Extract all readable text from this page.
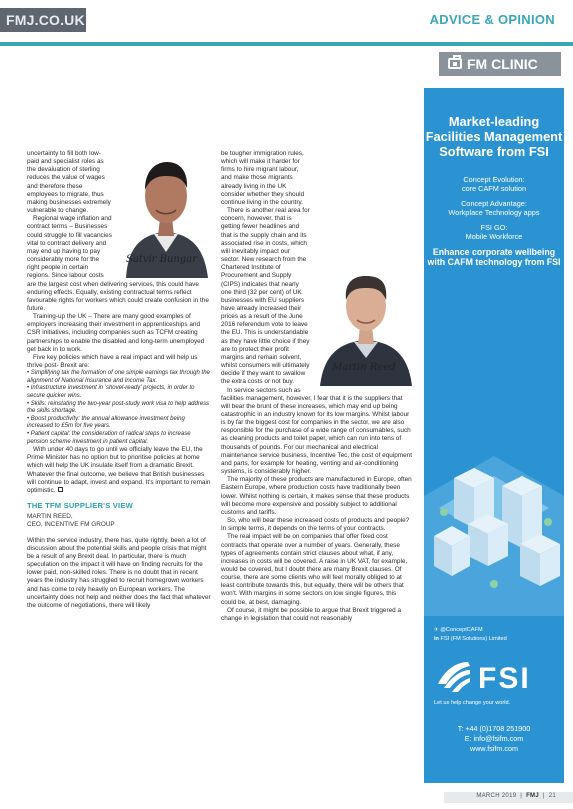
FMJ.CO.UK	ADVICE & OPINION
FM CLINIC
Satvir Bungar

uncertainty to fill both low-paid and specialist roles as the devaluation of sterling reduces the value of wages and therefore these employees to migrate, thus making businesses extremely vulnerable to change.

Regional wage inflation and contract terms – Businesses could struggle to fill vacancies vital to contract delivery and may end up having to pay considerably more for the right people in certain regions. Since labour costs are the largest cost when delivering services, this could have enduring effects. Equally, existing contractual terms reflect favourable rights for workers which could create confusion in the future.

Training-up the UK – There are many good examples of employers increasing their investment in apprenticeships and CSR initiatives, including companies such as TCFM creating partnerships to enable the disabled and long-term unemployed get back in to work.

Five key policies which have a real impact and will help us thrive post- Brexit are:

• Simplifying tax the formation of one simple earnings tax through the alignment of National Insurance and Income Tax.

• Infrastructure investment in 'shovel-ready' projects, in order to secure quicker wins.

• Skills: reinstating the two-year post-study work visa to help address the skills shortage.

• Boost productivity: the annual allowance investment being increased to £5m for five years.

• Patient capital: the consideration of radical steps to increase pension scheme investment in patient capital.

With under 40 days to go until we officially leave the EU, the Prime Minister has no option but to prioritise policies at home which will help the UK insulate itself from a dramatic Brexit. Whatever the final outcome, we believe that British businesses will continue to adapt, invest and expand. It's important to remain optimistic.

THE TFM SUPPLIER'S VIEW
MARTIN REED,
CEO, INCENTIVE FM GROUP

Within the service industry, there has, quite rightly, been a lot of discussion about the potential skills and people crisis that might be a result of any Brexit deal. In particular, there is much speculation on the impact it will have on finding recruits for the lower paid, non-skilled roles. There is no doubt that in recent years the industry has struggled to recruit homegrown workers and has come to rely heavily on European workers. The uncertainty does not help and neither does the fact that whatever the outcome of negotiations, there will likely

Martin Reed

be tougher immigration rules, which will make it harder for firms to hire migrant labour, and make those migrants already living in the UK consider whether they should continue living in the country.

There is another real area for concern, however, that is getting fewer headlines and that is the supply chain and its associated rise in costs, which will inevitably impact our sector. New research from the Chartered Institute of Procurement and Supply (CIPS) indicates that nearly one third (32 per cent) of UK businesses with EU suppliers have already increased their prices as a result of the June 2016 referendum vote to leave the EU. This is understandable as they have little choice if they are to protect their profit margins and remain solvent, whilst consumers will ultimately decide if they want to swallow the extra costs or not buy.

In service sectors such as facilities management, however, I fear that it is the suppliers that will bear the brunt of these increases, which may end up being catastrophic in an industry known for its low margins. Whilst labour is by far the biggest cost for companies in the sector, we are also responsible for the purchase of a wide range of consumables, such as cleaning products and toilet paper, which can run into tens of thousands of pounds. For our mechanical and electrical maintenance service business, Incentive Tec, the cost of equipment and parts, for example for heating, venting and air-conditioning systems, is considerably higher.

The majority of these products are manufactured in Europe, often Eastern Europe, where production costs have traditionally been lower. Whilst nothing is certain, it makes sense that these products will become more expensive and possibly subject to additional customs and tariffs.

So, who will bear these increased costs of products and people? In simple terms, it depends on the terms of your contracts.

The real impact will be on companies that offer fixed cost contracts that operate over a number of years. Generally, these types of agreements contain strict clauses about what, if any, increases in costs will be covered. A raise in UK VAT, for example, would be covered, but I doubt there are many Brexit clauses. Of course, there are some clients who will feel morally obliged to at least contribute towards this, but equally, there will be others that won't. With margins in some sectors on low single figures, this could be, at best, damaging.

Of course, it might be possible to argue that Brexit triggered a change in legislation that could not reasonably

Market-leading Facilities Management Software from FSI
Concept Evolution:
core CAFM solution
Concept Advantage:
Workplace Technology apps
FSI GO:
Mobile Workforce
Enhance corporate wellbeing with CAFM technology from FSI
✈ @ConceptCAFM
in FSI (FM Solutions) Limited
FSI
Let us help change your world.
T: +44 (0)1708 251900
E: info@fsifm.com
www.fsifm.com
MARCH 2019  |  FMJ  |  21
